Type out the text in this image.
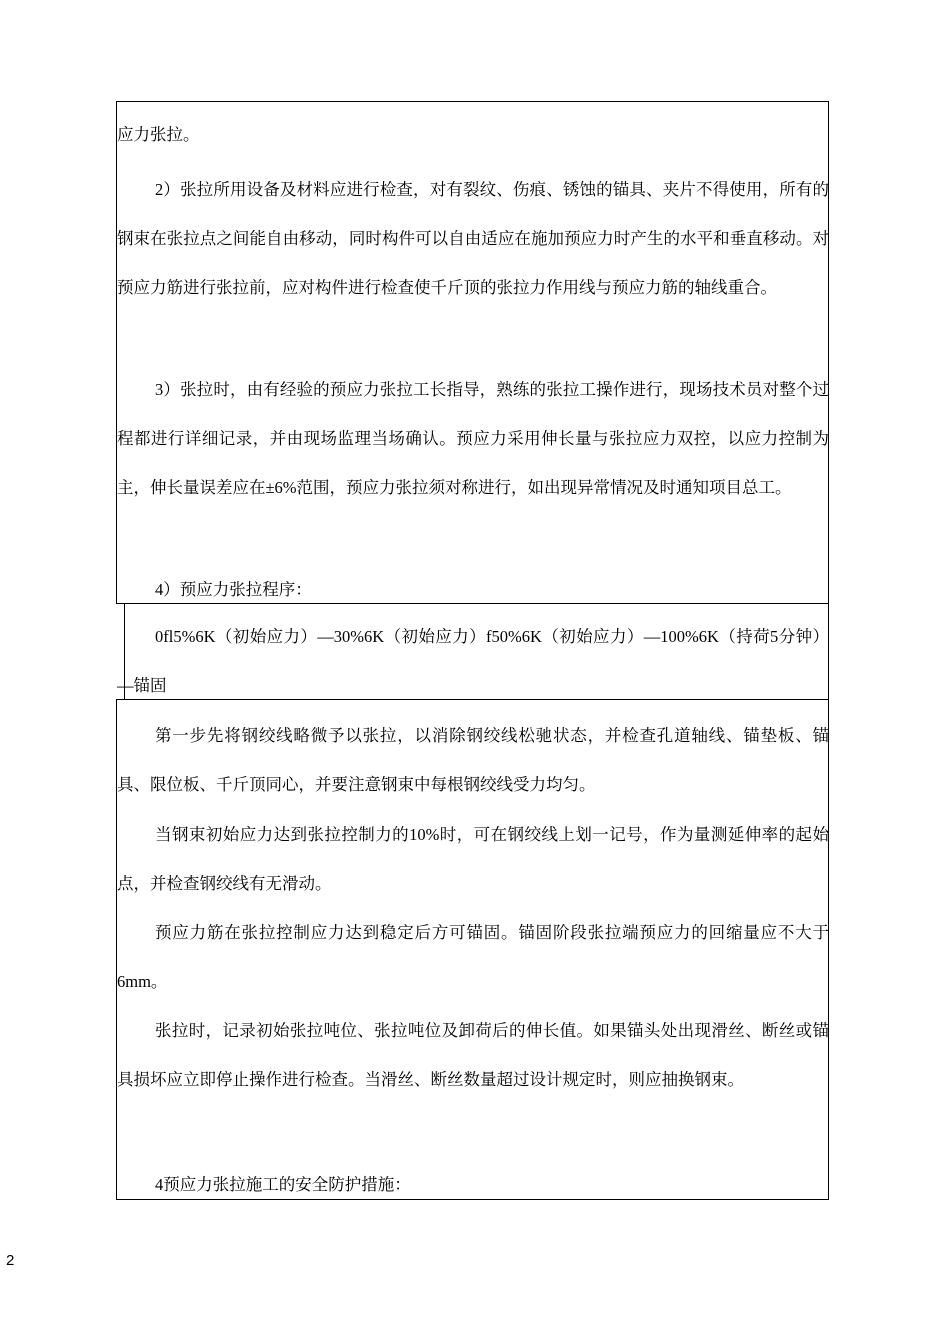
应力张拉。

2）张拉所用设备及材料应进行检查，对有裂纹、伤痕、锈蚀的锚具、夹片不得使用，所有的钢束在张拉点之间能自由移动，同时构件可以自由适应在施加预应力时产生的水平和垂直移动。对预应力筋进行张拉前，应对构件进行检查使千斤顶的张拉力作用线与预应力筋的轴线重合。

3）张拉时，由有经验的预应力张拉工长指导，熟练的张拉工操作进行，现场技术员对整个过程都进行详细记录，并由现场监理当场确认。预应力采用伸长量与张拉应力双控，以应力控制为主，伸长量误差应在±6%范围，预应力张拉须对称进行，如出现异常情况及时通知项目总工。

4）预应力张拉程序：

0fl5%6K（初始应力）—30%6K（初始应力）f50%6K（初始应力）—100%6K（持荷5分钟）—锚固

第一步先将钢绞线略微予以张拉，以消除钢绞线松驰状态，并检查孔道轴线、锚垫板、锚具、限位板、千斤顶同心，并要注意钢束中每根钢绞线受力均匀。

当钢束初始应力达到张拉控制力的10%时，可在钢绞线上划一记号，作为量测延伸率的起始点，并检查钢绞线有无滑动。

预应力筋在张拉控制应力达到稳定后方可锚固。锚固阶段张拉端预应力的回缩量应不大于6mm。

张拉时，记录初始张拉吨位、张拉吨位及卸荷后的伸长值。如果锚头处出现滑丝、断丝或锚具损坏应立即停止操作进行检查。当滑丝、断丝数量超过设计规定时，则应抽换钢束。

4预应力张拉施工的安全防护措施：

2
